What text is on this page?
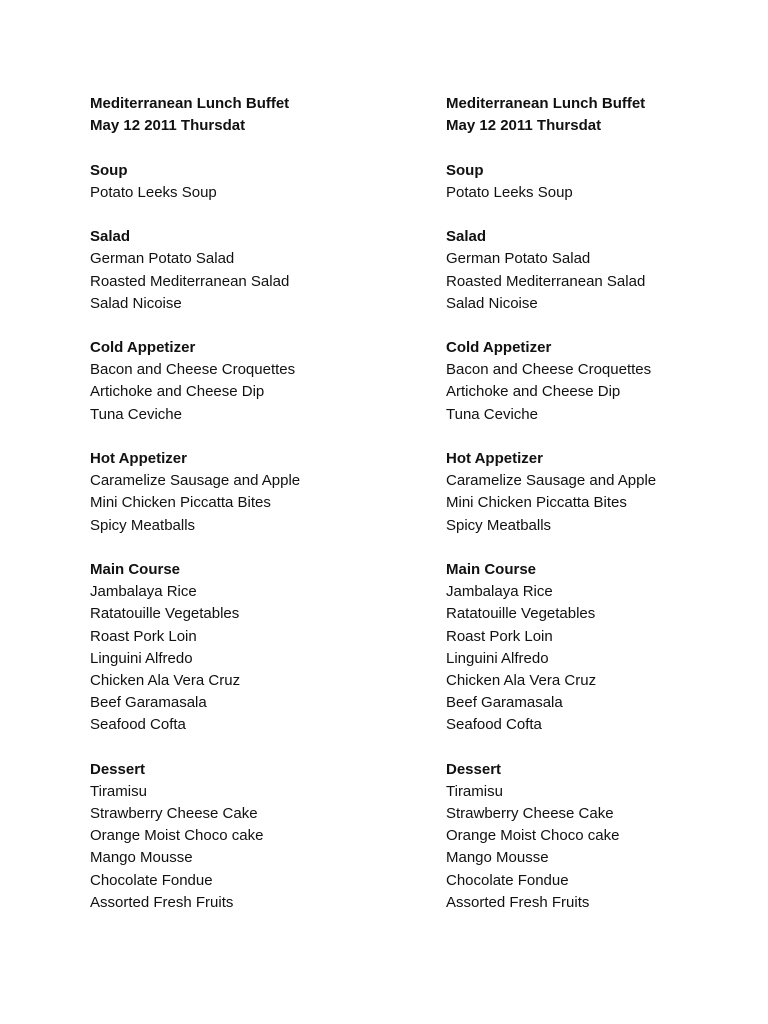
Mediterranean Lunch Buffet
May 12 2011 Thursdat
Soup
Potato Leeks Soup
Salad
German Potato Salad
Roasted Mediterranean Salad
Salad Nicoise
Cold Appetizer
Bacon and Cheese Croquettes
Artichoke and Cheese Dip
Tuna Ceviche
Hot Appetizer
Caramelize Sausage and Apple
Mini Chicken Piccatta Bites
Spicy Meatballs
Main Course
Jambalaya Rice
Ratatouille Vegetables
Roast Pork Loin
Linguini Alfredo
Chicken Ala Vera Cruz
Beef Garamasala
Seafood Cofta
Dessert
Tiramisu
Strawberry Cheese Cake
Orange Moist Choco cake
Mango Mousse
Chocolate Fondue
Assorted Fresh Fruits
Mediterranean Lunch Buffet
May 12 2011 Thursdat
Soup
Potato Leeks Soup
Salad
German Potato Salad
Roasted Mediterranean Salad
Salad Nicoise
Cold Appetizer
Bacon and Cheese Croquettes
Artichoke and Cheese Dip
Tuna Ceviche
Hot Appetizer
Caramelize Sausage and Apple
Mini Chicken Piccatta Bites
Spicy Meatballs
Main Course
Jambalaya Rice
Ratatouille Vegetables
Roast Pork Loin
Linguini Alfredo
Chicken Ala Vera Cruz
Beef Garamasala
Seafood Cofta
Dessert
Tiramisu
Strawberry Cheese Cake
Orange Moist Choco cake
Mango Mousse
Chocolate Fondue
Assorted Fresh Fruits
